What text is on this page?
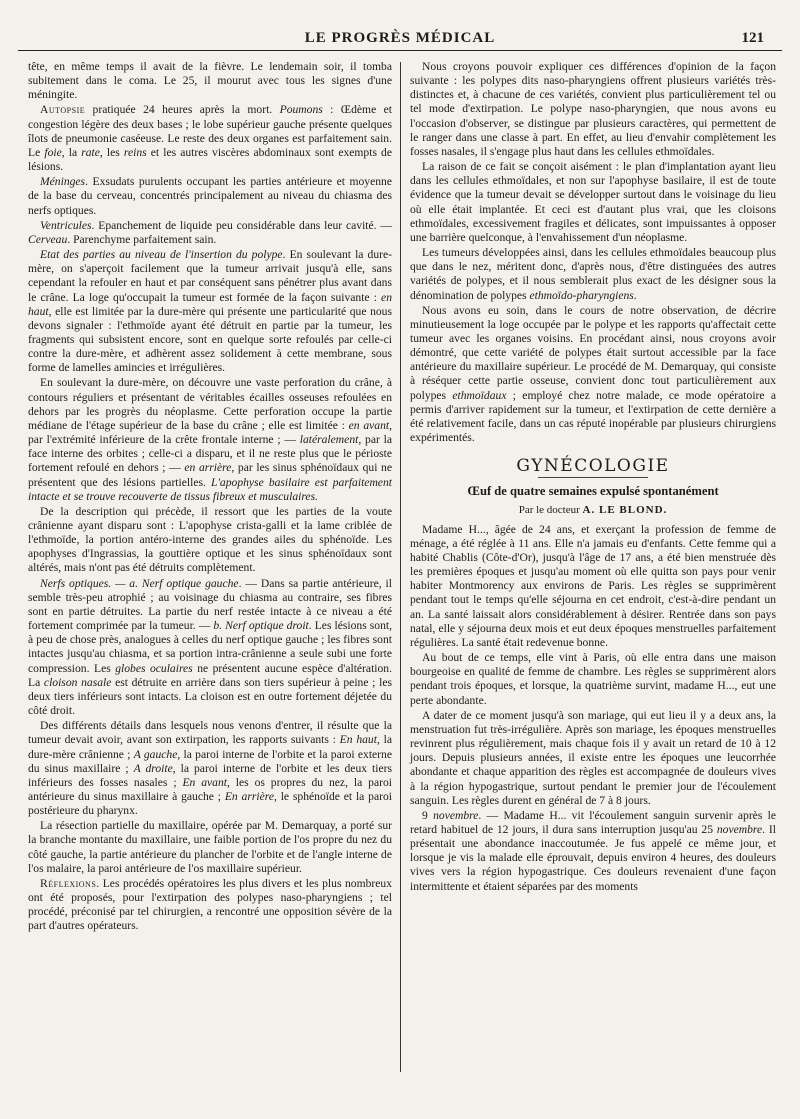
LE PROGRÈS MÉDICAL	121

tête, en même temps il avait de la fièvre. Le lendemain soir, il tomba subitement dans le coma. Le 25, il mourut avec tous les signes d'une méningite.

Autopsie pratiquée 24 heures après la mort. Poumons : Œdème et congestion légère des deux bases ; le lobe supérieur gauche présente quelques îlots de pneumonie caséeuse. Le reste des deux organes est parfaitement sain. Le foie, la rate, les reins et les autres viscères abdominaux sont exempts de lésions.

Méninges. Exsudats purulents occupant les parties antérieure et moyenne de la base du cerveau, concentrés principalement au niveau du chiasma des nerfs optiques.

Ventricules. Epanchement de liquide peu considérable dans leur cavité. — Cerveau. Parenchyme parfaitement sain.

Etat des parties au niveau de l'insertion du polype. En soulevant la dure-mère, on s'aperçoit facilement que la tumeur arrivait jusqu'à elle, sans cependant la refouler en haut et par conséquent sans pénétrer plus avant dans le crâne. La loge qu'occupait la tumeur est formée de la façon suivante : en haut, elle est limitée par la dure-mère qui présente une particularité que nous devons signaler : l'ethmoïde ayant été détruit en partie par la tumeur, les fragments qui subsistent encore, sont en quelque sorte refoulés par celle-ci contre la dure-mère, et adhèrent assez solidement à cette membrane, sous forme de lamelles amincies et irrégulières.

En soulevant la dure-mère, on découvre une vaste perforation du crâne, à contours réguliers et présentant de véritables écailles osseuses refoulées en dehors par les progrès du néoplasme. Cette perforation occupe la partie médiane de l'étage supérieur de la base du crâne ; elle est limitée : en avant, par l'extrémité inférieure de la crête frontale interne ; — latéralement, par la face interne des orbites ; celle-ci a disparu, et il ne reste plus que le périoste fortement refoulé en dehors ; — en arrière, par les sinus sphénoïdaux qui ne présentent que des lésions partielles. L'apophyse basilaire est parfaitement intacte et se trouve recouverte de tissus fibreux et musculaires.

De la description qui précède, il ressort que les parties de la voute crânienne ayant disparu sont : L'apophyse crista-galli et la lame criblée de l'ethmoïde, la portion antéro-interne des grandes ailes du sphénoïde. Les apophyses d'Ingrassias, la gouttière optique et les sinus sphénoïdaux sont altérés, mais n'ont pas été détruits complètement.

Nerfs optiques. — a. Nerf optique gauche. — Dans sa partie antérieure, il semble très-peu atrophié ; au voisinage du chiasma au contraire, ses fibres sont en partie détruites. La partie du nerf restée intacte à ce niveau a été fortement comprimée par la tumeur. — b. Nerf optique droit. Les lésions sont, à peu de chose près, analogues à celles du nerf optique gauche ; les fibres sont intactes jusqu'au chiasma, et sa portion intra-crânienne a seule subi une forte compression. Les globes oculaires ne présentent aucune espèce d'altération. La cloison nasale est détruite en arrière dans son tiers supérieur à peine ; les deux tiers inférieurs sont intacts. La cloison est en outre fortement déjetée du côté droit.

Des différents détails dans lesquels nous venons d'entrer, il résulte que la tumeur devait avoir, avant son extirpation, les rapports suivants : En haut, la dure-mère crânienne ; A gauche, la paroi interne de l'orbite et la paroi externe du sinus maxillaire ; A droite, la paroi interne de l'orbite et les deux tiers inférieurs des fosses nasales ; En avant, les os propres du nez, la paroi antérieure du sinus maxillaire à gauche ; En arrière, le sphénoïde et la paroi postérieure du pharynx.

La résection partielle du maxillaire, opérée par M. Demarquay, a porté sur la branche montante du maxillaire, une faible portion de l'os propre du nez du côté gauche, la partie antérieure du plancher de l'orbite et de l'angle interne de l'os malaire, la paroi antérieure de l'os maxillaire supérieur.

Réflexions. Les procédés opératoires les plus divers et les plus nombreux ont été proposés, pour l'extirpation des polypes naso-pharyngiens ; tel procédé, préconisé par tel chirurgien, a rencontré une opposition sévère de la part d'autres opérateurs.

Nous croyons pouvoir expliquer ces différences d'opinion de la façon suivante : les polypes dits naso-pharyngiens offrent plusieurs variétés très-distinctes et, à chacune de ces variétés, convient plus particulièrement tel ou tel mode d'extirpation. Le polype naso-pharyngien, que nous avons eu l'occasion d'observer, se distingue par plusieurs caractères, qui permettent de le ranger dans une classe à part. En effet, au lieu d'envahir complètement les fosses nasales, il s'engage plus haut dans les cellules ethmoïdales.

La raison de ce fait se conçoit aisément : le plan d'implantation ayant lieu dans les cellules ethmoïdales, et non sur l'apophyse basilaire, il est de toute évidence que la tumeur devait se développer surtout dans le voisinage du lieu où elle était implantée. Et ceci est d'autant plus vrai, que les cloisons ethmoïdales, excessivement fragiles et délicates, sont impuissantes à opposer une barrière quelconque, à l'envahissement d'un néoplasme.

Les tumeurs développées ainsi, dans les cellules ethmoïdales beaucoup plus que dans le nez, méritent donc, d'après nous, d'être distinguées des autres variétés de polypes, et il nous semblerait plus exact de les désigner sous la dénomination de polypes ethmoïdo-pharyngiens.

Nous avons eu soin, dans le cours de notre observation, de décrire minutieusement la loge occupée par le polype et les rapports qu'affectait cette tumeur avec les organes voisins. En procédant ainsi, nous croyons avoir démontré, que cette variété de polypes était surtout accessible par la face antérieure du maxillaire supérieur. Le procédé de M. Demarquay, qui consiste à réséquer cette partie osseuse, convient donc tout particulièrement aux polypes ethmoïdaux ; employé chez notre malade, ce mode opératoire a permis d'arriver rapidement sur la tumeur, et l'extirpation de cette dernière a été relativement facile, dans un cas réputé inopérable par plusieurs chirurgiens expérimentés.

GYNÉCOLOGIE
Œuf de quatre semaines expulsé spontanément
Par le docteur A. LE BLOND.

Madame H..., âgée de 24 ans, et exerçant la profession de femme de ménage, a été réglée à 11 ans. Elle n'a jamais eu d'enfants. Cette femme qui a habité Chablis (Côte-d'Or), jusqu'à l'âge de 17 ans, a été bien menstruée dès les premières époques et jusqu'au moment où elle quitta son pays pour venir habiter Montmorency aux environs de Paris. Les règles se supprimèrent pendant tout le temps qu'elle séjourna en cet endroit, c'est-à-dire pendant un an. La santé laissait alors considérablement à désirer. Rentrée dans son pays natal, elle y séjourna deux mois et eut deux époques menstruelles parfaitement régulières. La santé était redevenue bonne.

Au bout de ce temps, elle vint à Paris, où elle entra dans une maison bourgeoise en qualité de femme de chambre. Les règles se supprimèrent alors pendant trois époques, et lorsque, la quatrième survint, madame H..., eut une perte abondante.

A dater de ce moment jusqu'à son mariage, qui eut lieu il y a deux ans, la menstruation fut très-irrégulière. Après son mariage, les époques menstruelles revinrent plus régulièrement, mais chaque fois il y avait un retard de 10 à 12 jours. Depuis plusieurs années, il existe entre les époques une leucorrhée abondante et chaque apparition des règles est accompagnée de douleurs vives à la région hypogastrique, surtout pendant le premier jour de l'écoulement sanguin. Les règles durent en général de 7 à 8 jours.

9 novembre. — Madame H... vit l'écoulement sanguin survenir après le retard habituel de 12 jours, il dura sans interruption jusqu'au 25 novembre. Il présentait une abondance inaccoutumée. Je fus appelé ce même jour, et lorsque je vis la malade elle éprouvait, depuis environ 4 heures, des douleurs vives vers la région hypogastrique. Ces douleurs revenaient d'une façon intermittente et étaient séparées par des moments
